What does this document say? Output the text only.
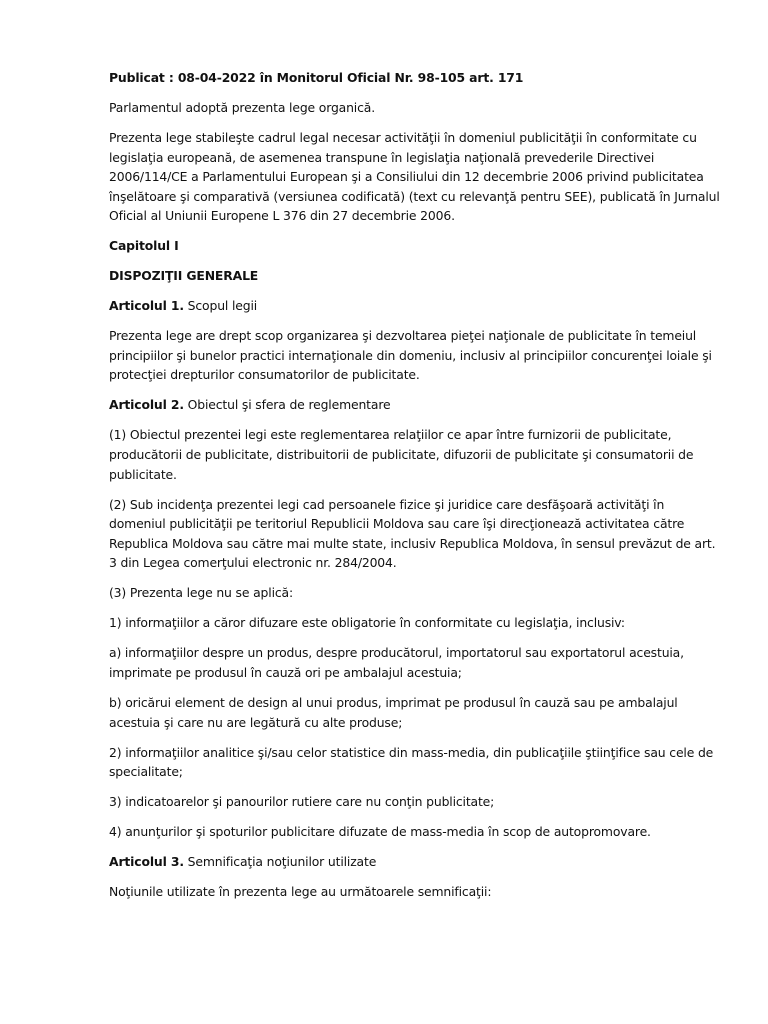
Publicat : 08-04-2022 în Monitorul Oficial Nr. 98-105 art. 171

Parlamentul adoptă prezenta lege organică.

Prezenta lege stabileşte cadrul legal necesar activităţii în domeniul publicităţii în conformitate cu legislaţia europeană, de asemenea transpune în legislaţia naţională prevederile Directivei 2006/114/CE a Parlamentului European şi a Consiliului din 12 decembrie 2006 privind publicitatea înşelătoare şi comparativă (versiunea codificată) (text cu relevanţă pentru SEE), publicată în Jurnalul Oficial al Uniunii Europene L 376 din 27 decembrie 2006.

Capitolul I

DISPOZIŢII GENERALE

Articolul 1. Scopul legii

Prezenta lege are drept scop organizarea şi dezvoltarea pieţei naţionale de publicitate în temeiul principiilor şi bunelor practici internaţionale din domeniu, inclusiv al principiilor concurenţei loiale şi protecţiei drepturilor consumatorilor de publicitate.

Articolul 2. Obiectul şi sfera de reglementare

(1) Obiectul prezentei legi este reglementarea relaţiilor ce apar între furnizorii de publicitate, producătorii de publicitate, distribuitorii de publicitate, difuzorii de publicitate şi consumatorii de publicitate.

(2) Sub incidenţa prezentei legi cad persoanele fizice şi juridice care desfăşoară activităţi în domeniul publicităţii pe teritoriul Republicii Moldova sau care îşi direcţionează activitatea către Republica Moldova sau către mai multe state, inclusiv Republica Moldova, în sensul prevăzut de art. 3 din Legea comerţului electronic nr. 284/2004.

(3) Prezenta lege nu se aplică:

1) informaţiilor a căror difuzare este obligatorie în conformitate cu legislaţia, inclusiv:

a) informaţiilor despre un produs, despre producătorul, importatorul sau exportatorul acestuia, imprimate pe produsul în cauză ori pe ambalajul acestuia;

b) oricărui element de design al unui produs, imprimat pe produsul în cauză sau pe ambalajul acestuia şi care nu are legătură cu alte produse;

2) informaţiilor analitice şi/sau celor statistice din mass-media, din publicaţiile ştiinţifice sau cele de specialitate;

3) indicatoarelor şi panourilor rutiere care nu conţin publicitate;

4) anunţurilor şi spoturilor publicitare difuzate de mass-media în scop de autopromovare.

Articolul 3. Semnificaţia noţiunilor utilizate

Noţiunile utilizate în prezenta lege au următoarele semnificaţii:
